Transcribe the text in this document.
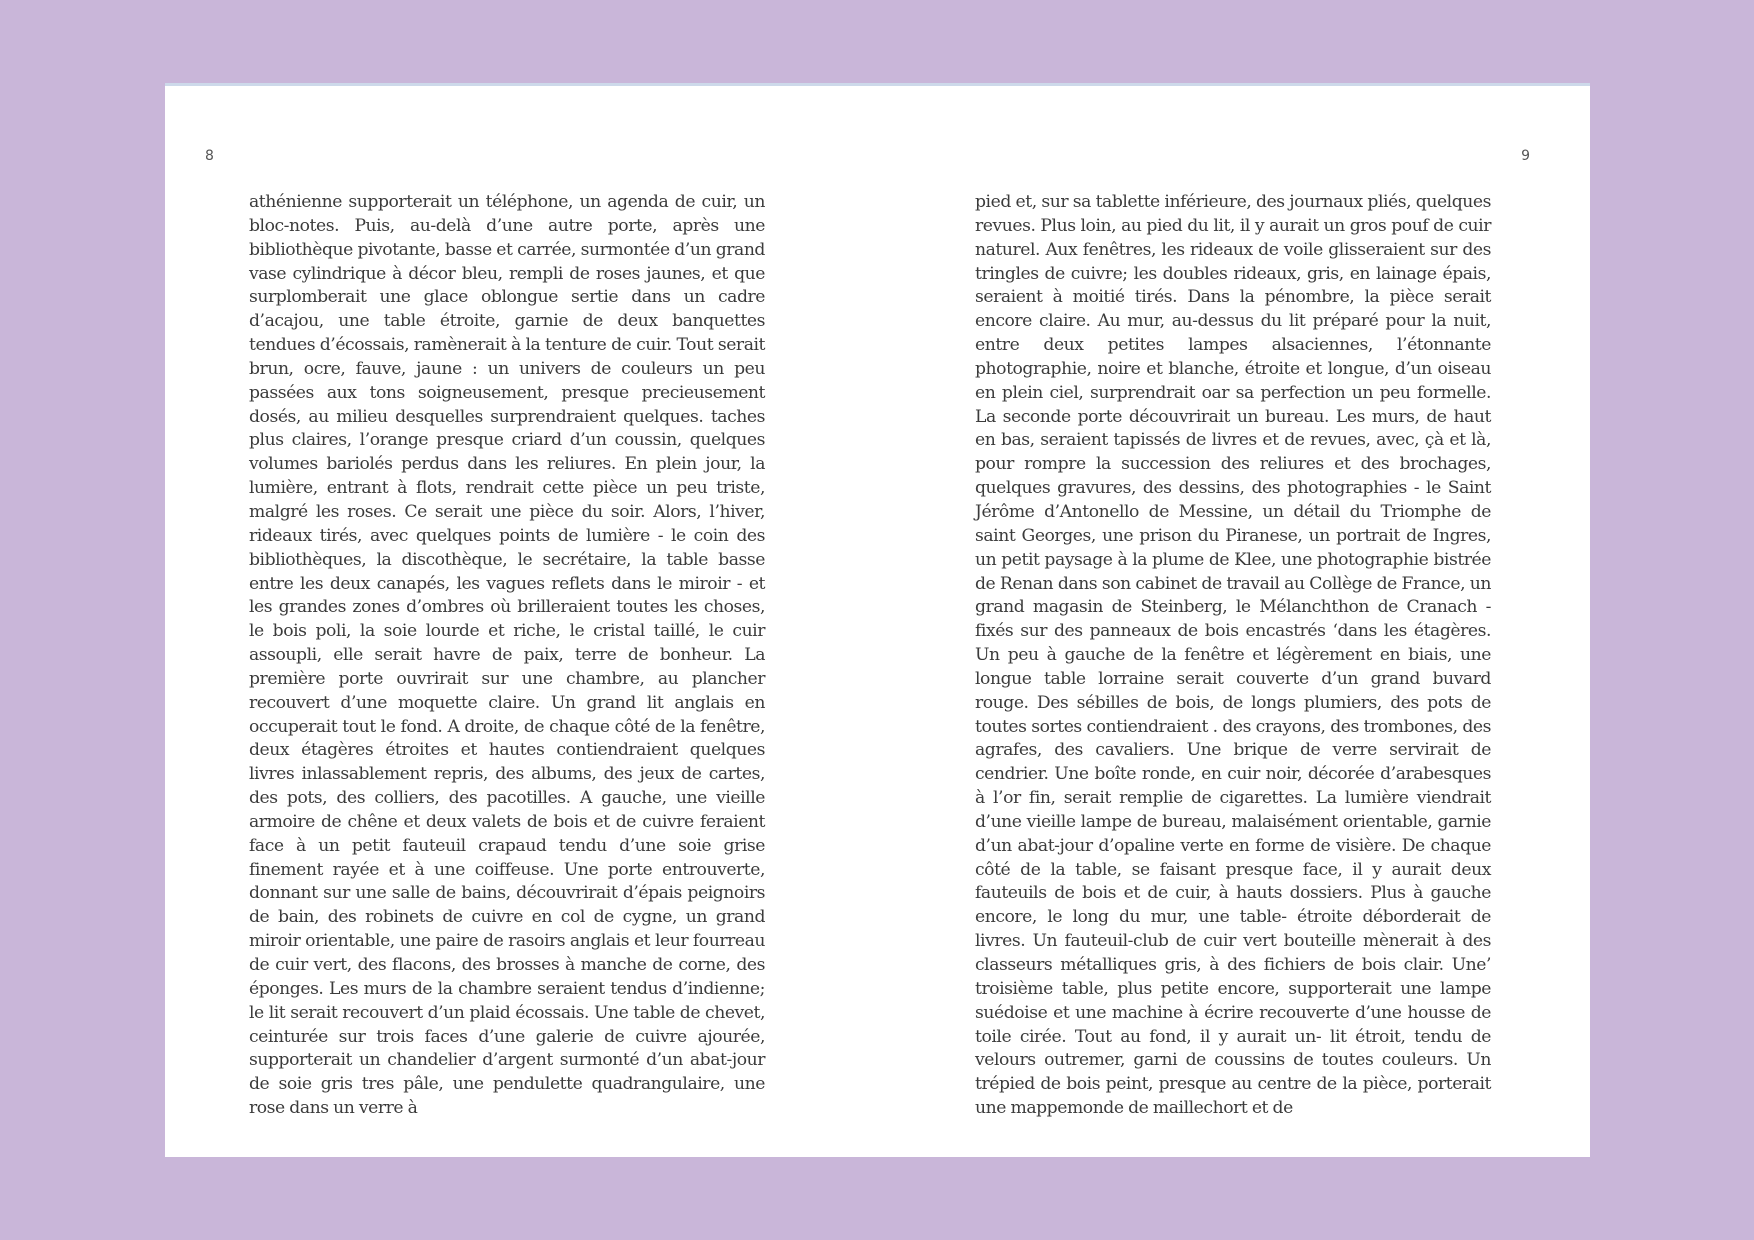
8

athénienne supporterait un téléphone, un agenda de cuir, un bloc-notes. Puis, au-delà d’une autre porte, après une bibliothèque pivotante, basse et carrée, surmontée d’un grand vase cylindrique à décor bleu, rempli de roses jaunes, et que surplomberait une glace oblongue sertie dans un cadre d’acajou, une table étroite, garnie de deux banquettes tendues d’écossais, ramènerait à la tenture de cuir. Tout serait brun, ocre, fauve, jaune : un univers de couleurs un peu passées aux tons soigneusement, presque precieusement dosés, au milieu desquelles surprendraient quelques. taches plus claires, l’orange presque criard d’un coussin, quelques volumes bariolés perdus dans les reliures. En plein jour, la lumière, entrant à flots, rendrait cette pièce un peu triste, malgré les roses. Ce serait une pièce du soir. Alors, l’hiver, rideaux tirés, avec quelques points de lumière - le coin des bibliothèques, la discothèque, le secrétaire, la table basse entre les deux canapés, les vagues reflets dans le miroir - et les grandes zones d’ombres où brilleraient toutes les choses, le bois poli, la soie lourde et riche, le cristal taillé, le cuir assoupli, elle serait havre de paix, terre de bonheur. La première porte ouvrirait sur une chambre, au plancher recouvert d’une moquette claire. Un grand lit anglais en occuperait tout le fond. A droite, de chaque côté de la fenêtre, deux étagères étroites et hautes contiendraient quelques livres inlassablement repris, des albums, des jeux de cartes, des pots, des colliers, des pacotilles. A gauche, une vieille armoire de chêne et deux valets de bois et de cuivre feraient face à un petit fauteuil crapaud tendu d’une soie grise finement rayée et à une coiffeuse. Une porte entrouverte, donnant sur une salle de bains, découvrirait d’épais peignoirs de bain, des robinets de cuivre en col de cygne, un grand miroir orientable, une paire de rasoirs anglais et leur fourreau de cuir vert, des flacons, des brosses à manche de corne, des éponges. Les murs de la chambre seraient tendus d’indienne; le lit serait recouvert d’un plaid écossais. Une table de chevet, ceinturée sur trois faces d’une galerie de cuivre ajourée, supporterait un chandelier d’argent surmonté d’un abat-jour de soie gris tres pâle, une pendulette quadrangulaire, une rose dans un verre à

9

pied et, sur sa tablette inférieure, des journaux pliés, quelques revues. Plus loin, au pied du lit, il y aurait un gros pouf de cuir naturel. Aux fenêtres, les rideaux de voile glisseraient sur des tringles de cuivre; les doubles rideaux, gris, en lainage épais, seraient à moitié tirés. Dans la pénombre, la pièce serait encore claire. Au mur, au-dessus du lit préparé pour la nuit, entre deux petites lampes alsaciennes, l’étonnante photographie, noire et blanche, étroite et longue, d’un oiseau en plein ciel, surprendrait oar sa perfection un peu formelle. La seconde porte découvrirait un bureau. Les murs, de haut en bas, seraient tapissés de livres et de revues, avec, çà et là, pour rompre la succession des reliures et des brochages, quelques gravures, des dessins, des photographies - le Saint Jérôme d’Antonello de Messine, un détail du Triomphe de saint Georges, une prison du Piranese, un portrait de Ingres, un petit paysage à la plume de Klee, une photographie bistrée de Renan dans son cabinet de travail au Collège de France, un grand magasin de Steinberg, le Mélanchthon de Cranach - fixés sur des panneaux de bois encastrés ‘dans les étagères. Un peu à gauche de la fenêtre et légèrement en biais, une longue table lorraine serait couverte d’un grand buvard rouge. Des sébilles de bois, de longs plumiers, des pots de toutes sortes contiendraient . des crayons, des trombones, des agrafes, des cavaliers. Une brique de verre servirait de cendrier. Une boîte ronde, en cuir noir, décorée d’arabesques à l’or fin, serait remplie de cigarettes. La lumière viendrait d’une vieille lampe de bureau, malaisément orientable, garnie d’un abat-jour d’opaline verte en forme de visière. De chaque côté de la table, se faisant presque face, il y aurait deux fauteuils de bois et de cuir, à hauts dossiers. Plus à gauche encore, le long du mur, une table- étroite déborderait de livres. Un fauteuil-club de cuir vert bouteille mènerait à des classeurs métalliques gris, à des fichiers de bois clair. Une’ troisième table, plus petite encore, supporterait une lampe suédoise et une machine à écrire recouverte d’une housse de toile cirée. Tout au fond, il y aurait un- lit étroit, tendu de velours outremer, garni de coussins de toutes couleurs. Un trépied de bois peint, presque au centre de la pièce, porterait une mappemonde de maillechort et de
